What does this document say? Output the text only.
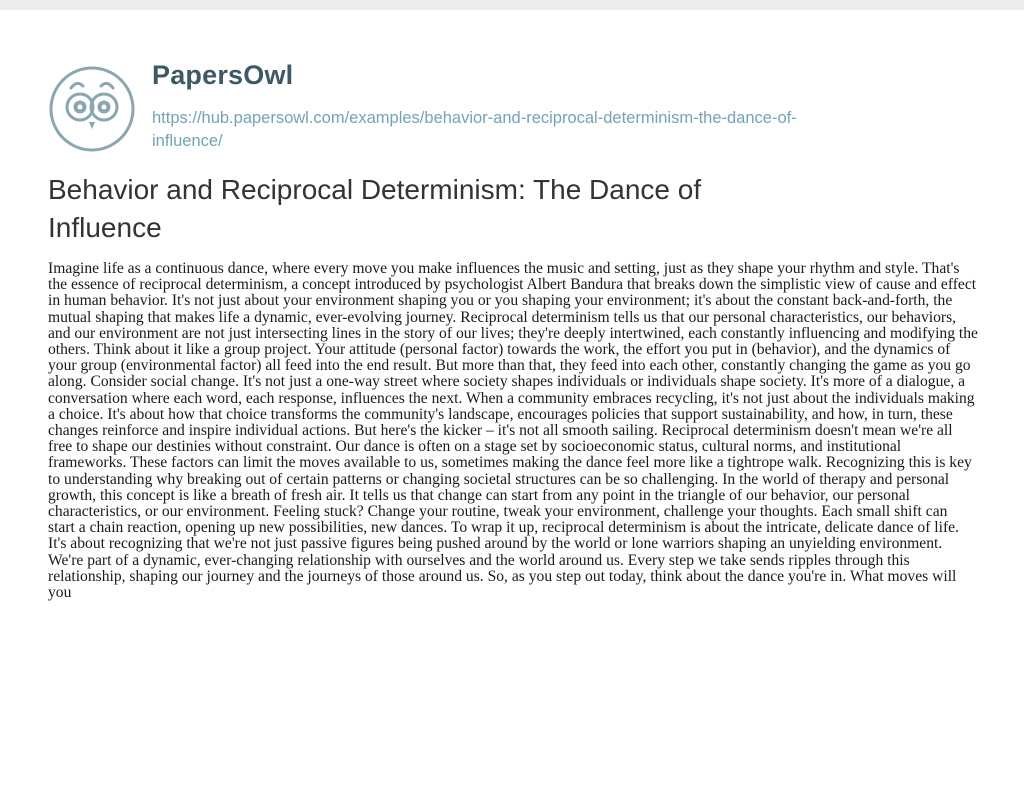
PapersOwl
https://hub.papersowl.com/examples/behavior-and-reciprocal-determinism-the-dance-of-
influence/
Behavior and Reciprocal Determinism: The Dance of Influence

Imagine life as a continuous dance, where every move you make influences the music and setting, just as they shape your rhythm and style. That's the essence of reciprocal determinism, a concept introduced by psychologist Albert Bandura that breaks down the simplistic view of cause and effect in human behavior. It's not just about your environment shaping you or you shaping your environment; it's about the constant back-and-forth, the mutual shaping that makes life a dynamic, ever-evolving journey. Reciprocal determinism tells us that our personal characteristics, our behaviors, and our environment are not just intersecting lines in the story of our lives; they're deeply intertwined, each constantly influencing and modifying the others. Think about it like a group project. Your attitude (personal factor) towards the work, the effort you put in (behavior), and the dynamics of your group (environmental factor) all feed into the end result. But more than that, they feed into each other, constantly changing the game as you go along. Consider social change. It's not just a one-way street where society shapes individuals or individuals shape society. It's more of a dialogue, a conversation where each word, each response, influences the next. When a community embraces recycling, it's not just about the individuals making a choice. It's about how that choice transforms the community's landscape, encourages policies that support sustainability, and how, in turn, these changes reinforce and inspire individual actions. But here's the kicker – it's not all smooth sailing. Reciprocal determinism doesn't mean we're all free to shape our destinies without constraint. Our dance is often on a stage set by socioeconomic status, cultural norms, and institutional frameworks. These factors can limit the moves available to us, sometimes making the dance feel more like a tightrope walk. Recognizing this is key to understanding why breaking out of certain patterns or changing societal structures can be so challenging. In the world of therapy and personal growth, this concept is like a breath of fresh air. It tells us that change can start from any point in the triangle of our behavior, our personal characteristics, or our environment. Feeling stuck? Change your routine, tweak your environment, challenge your thoughts. Each small shift can start a chain reaction, opening up new possibilities, new dances. To wrap it up, reciprocal determinism is about the intricate, delicate dance of life. It's about recognizing that we're not just passive figures being pushed around by the world or lone warriors shaping an unyielding environment. We're part of a dynamic, ever-changing relationship with ourselves and the world around us. Every step we take sends ripples through this relationship, shaping our journey and the journeys of those around us. So, as you step out today, think about the dance you're in. What moves will you
